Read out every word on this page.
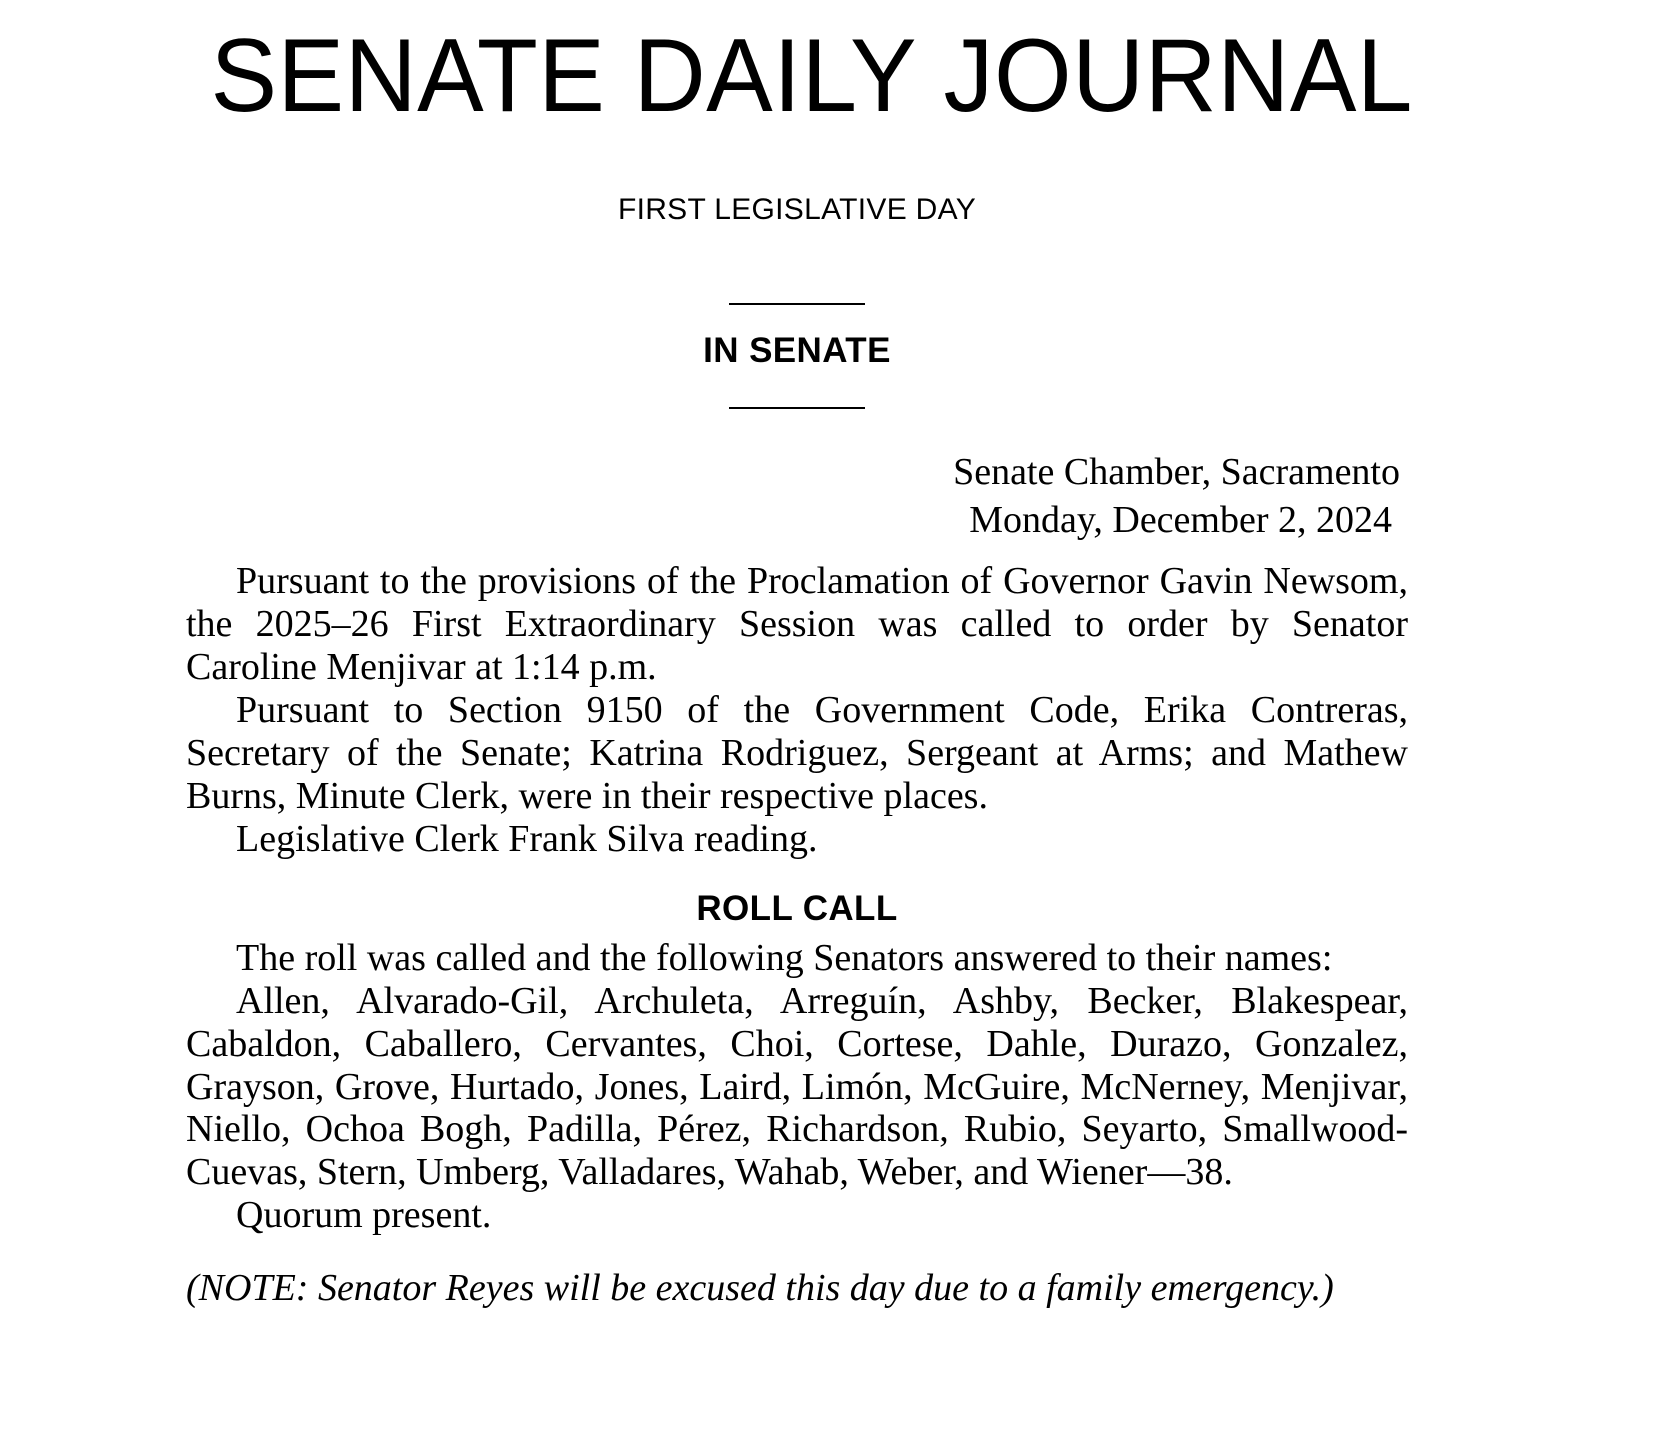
SENATE DAILY JOURNAL
FIRST LEGISLATIVE DAY
IN SENATE
Senate Chamber, Sacramento
Monday, December 2, 2024

Pursuant to the provisions of the Proclamation of Governor Gavin Newsom, the 2025–26 First Extraordinary Session was called to order by Senator Caroline Menjivar at 1:14 p.m.

Pursuant to Section 9150 of the Government Code, Erika Contreras, Secretary of the Senate; Katrina Rodriguez, Sergeant at Arms; and Mathew Burns, Minute Clerk, were in their respective places.

Legislative Clerk Frank Silva reading.

ROLL CALL

The roll was called and the following Senators answered to their names:

Allen, Alvarado-Gil, Archuleta, Arreguín, Ashby, Becker, Blakespear, Cabaldon, Caballero, Cervantes, Choi, Cortese, Dahle, Durazo, Gonzalez, Grayson, Grove, Hurtado, Jones, Laird, Limón, McGuire, McNerney, Menjivar, Niello, Ochoa Bogh, Padilla, Pérez, Richardson, Rubio, Seyarto, Smallwood-Cuevas, Stern, Umberg, Valladares, Wahab, Weber, and Wiener—38.

Quorum present.

(NOTE: Senator Reyes will be excused this day due to a family emergency.)
